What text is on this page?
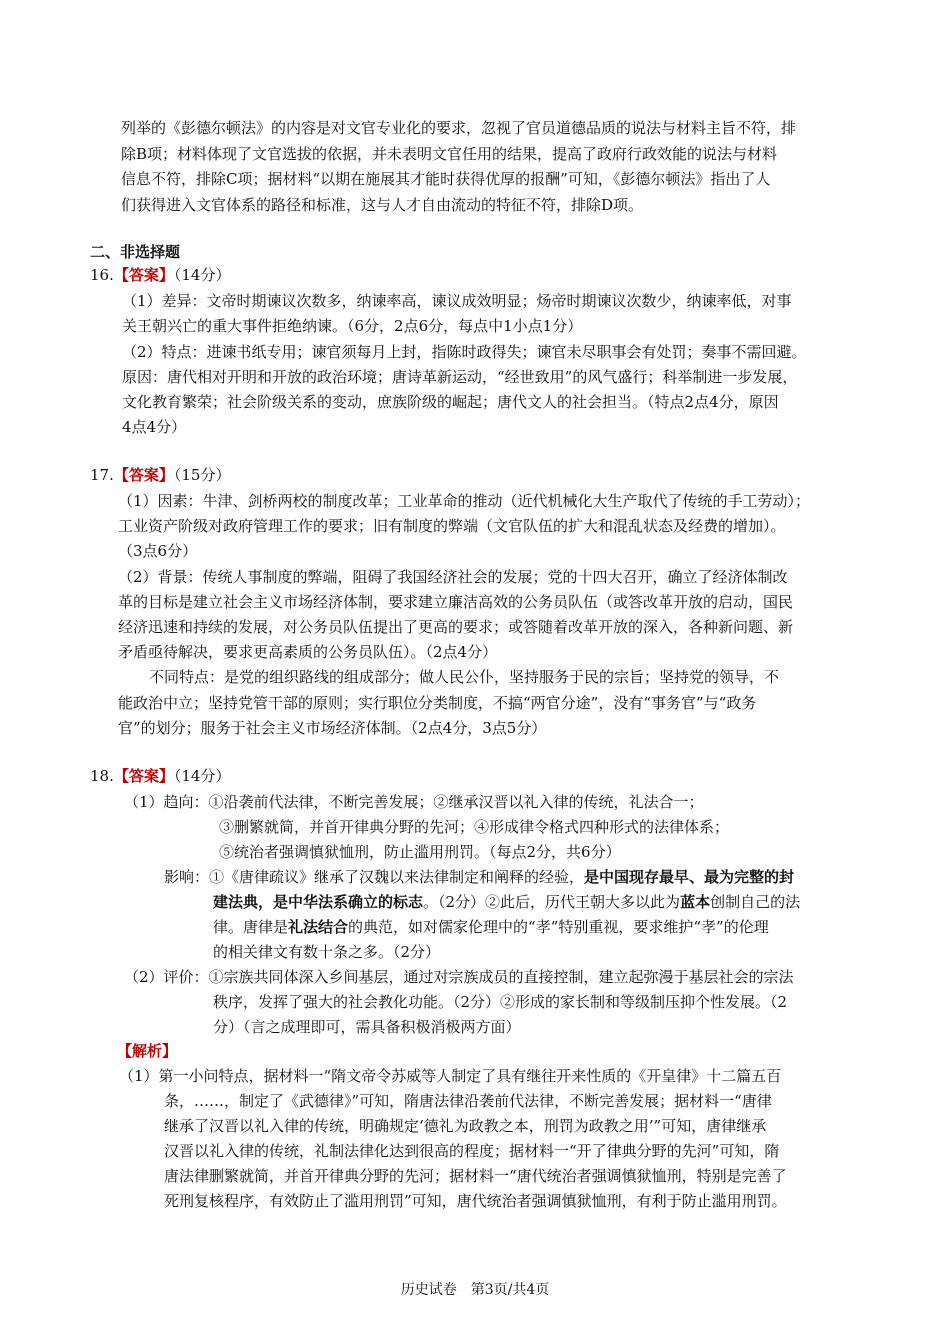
列举的《彭德尔顿法》的内容是对文官专业化的要求，忽视了官员道德品质的说法与材料主旨不符，排
除B项；材料体现了文官选拔的依据，并未表明文官任用的结果，提高了政府行政效能的说法与材料
信息不符，排除C项；据材料“以期在施展其才能时获得优厚的报酬”可知，《彭德尔顿法》指出了人
们获得进入文官体系的路径和标准，这与人才自由流动的特征不符，排除D项。
二、非选择题
16.【答案】（14分）
（1）差异：文帝时期谏议次数多，纳谏率高，谏议成效明显；炀帝时期谏议次数少，纳谏率低，对事
关王朝兴亡的重大事件拒绝纳谏。（6分，2点6分，每点中1小点1分）
（2）特点：进谏书纸专用；谏官须每月上封，指陈时政得失；谏官未尽职事会有处罚；奏事不需回避。
原因：唐代相对开明和开放的政治环境；唐诗革新运动，“经世致用”的风气盛行；科举制进一步发展，
文化教育繁荣；社会阶级关系的变动，庶族阶级的崛起；唐代文人的社会担当。（特点2点4分，原因
4点4分）
17.【答案】（15分）
（1）因素：牛津、剑桥两校的制度改革；工业革命的推动（近代机械化大生产取代了传统的手工劳动）；
工业资产阶级对政府管理工作的要求；旧有制度的弊端（文官队伍的扩大和混乱状态及经费的增加）。
（3点6分）
（2）背景：传统人事制度的弊端，阻碍了我国经济社会的发展；党的十四大召开，确立了经济体制改
革的目标是建立社会主义市场经济体制，要求建立廉洁高效的公务员队伍（或答改革开放的启动，国民
经济迅速和持续的发展，对公务员队伍提出了更高的要求；或答随着改革开放的深入，各种新问题、新
矛盾亟待解决，要求更高素质的公务员队伍）。（2点4分）
不同特点：是党的组织路线的组成部分；做人民公仆，坚持服务于民的宗旨；坚持党的领导，不
能政治中立；坚持党管干部的原则；实行职位分类制度，不搞“两官分途”，没有“事务官”与“政务
官”的划分；服务于社会主义市场经济体制。（2点4分，3点5分）
18.【答案】（14分）
（1）趋向：①沿袭前代法律，不断完善发展；②继承汉晋以礼入律的传统，礼法合一；
③删繁就简，并首开律典分野的先河；④形成律令格式四种形式的法律体系；
⑤统治者强调慎狱恤刑，防止滥用刑罚。（每点2分，共6分）
影响：①《唐律疏议》继承了汉魏以来法律制定和阐释的经验，是中国现存最早、最为完整的封
建法典，是中华法系确立的标志。（2分）②此后，历代王朝大多以此为蓝本创制自己的法
律。唐律是礼法结合的典范，如对儒家伦理中的“孝”特别重视，要求维护“孝”的伦理
的相关律文有数十条之多。（2分）
（2）评价：①宗族共同体深入乡间基层，通过对宗族成员的直接控制，建立起弥漫于基层社会的宗法
秩序，发挥了强大的社会教化功能。（2分）②形成的家长制和等级制压抑个性发展。（2
分）（言之成理即可，需具备积极消极两方面）
【解析】
（1）第一小问特点，据材料一“隋文帝令苏威等人制定了具有继往开来性质的《开皇律》十二篇五百
条，……，制定了《武德律》”可知，隋唐法律沿袭前代法律，不断完善发展；据材料一“唐律
继承了汉晋以礼入律的传统，明确规定‘德礼为政教之本，刑罚为政教之用’”可知，唐律继承
汉晋以礼入律的传统，礼制法律化达到很高的程度；据材料一“开了律典分野的先河”可知，隋
唐法律删繁就简，并首开律典分野的先河；据材料一“唐代统治者强调慎狱恤刑，特别是完善了
死刑复核程序，有效防止了滥用刑罚”可知，唐代统治者强调慎狱恤刑，有利于防止滥用刑罚。
历史试卷　第3页/共4页
